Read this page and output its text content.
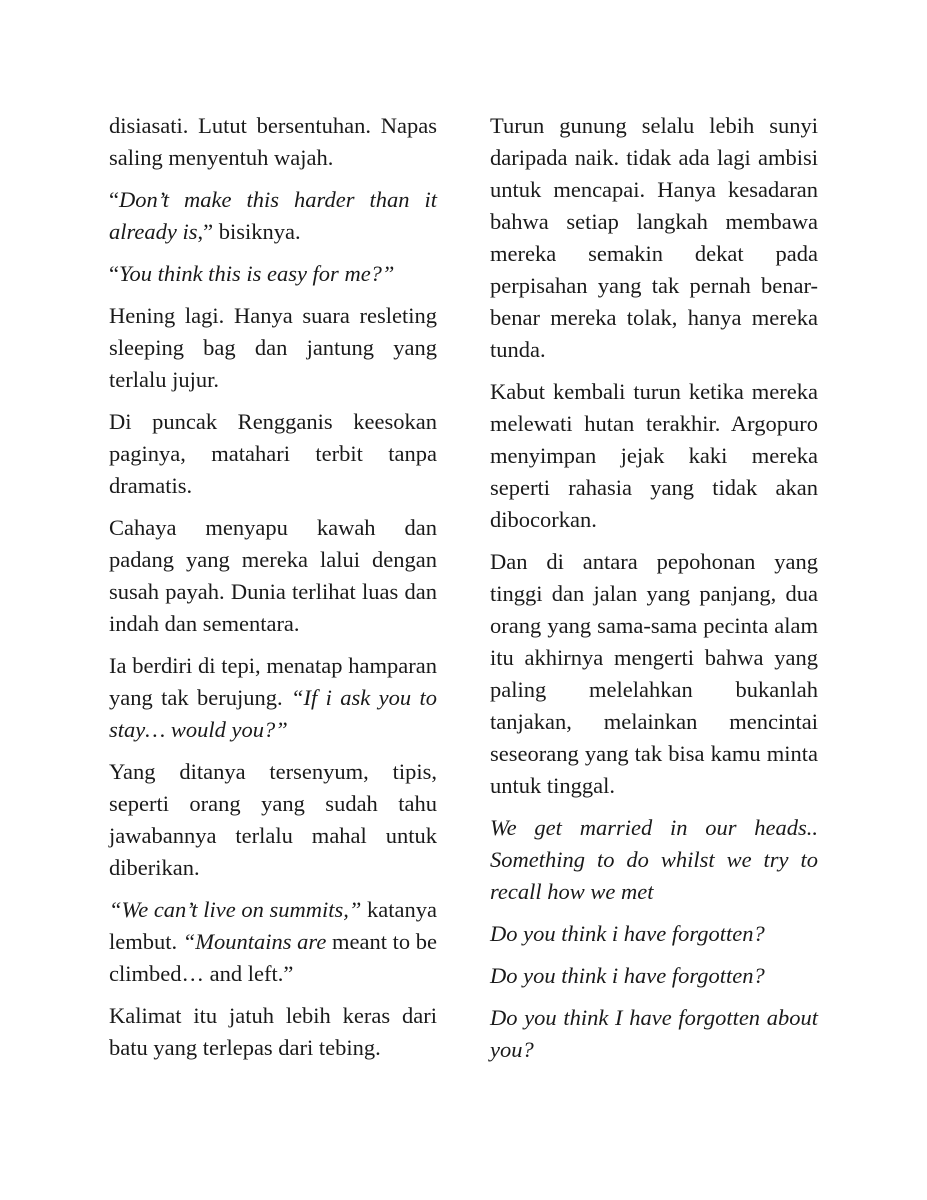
disiasati. Lutut bersentuhan. Napas saling menyentuh wajah.

“Don’t make this harder than it already is,” bisiknya.

“You think this is easy for me?”

Hening lagi. Hanya suara resleting sleeping bag dan jantung yang terlalu jujur.

Di puncak Rengganis keesokan paginya, matahari terbit tanpa dramatis.

Cahaya menyapu kawah dan padang yang mereka lalui dengan susah payah. Dunia terlihat luas dan indah dan sementara.

Ia berdiri di tepi, menatap hamparan yang tak berujung. “If i ask you to stay… would you?”

Yang ditanya tersenyum, tipis, seperti orang yang sudah tahu jawabannya terlalu mahal untuk diberikan.

“We can’t live on summits,” katanya lembut. “Mountains are meant to be climbed… and left.”

Kalimat itu jatuh lebih keras dari batu yang terlepas dari tebing.

Turun gunung selalu lebih sunyi daripada naik. tidak ada lagi ambisi untuk mencapai. Hanya kesadaran bahwa setiap langkah membawa mereka semakin dekat pada perpisahan yang tak pernah benar-benar mereka tolak, hanya mereka tunda.

Kabut kembali turun ketika mereka melewati hutan terakhir. Argopuro menyimpan jejak kaki mereka seperti rahasia yang tidak akan dibocorkan.

Dan di antara pepohonan yang tinggi dan jalan yang panjang, dua orang yang sama-sama pecinta alam itu akhirnya mengerti bahwa yang paling melelahkan bukanlah tanjakan, melainkan mencintai seseorang yang tak bisa kamu minta untuk tinggal.

We get married in our heads.. Something to do whilst we try to recall how we met

Do you think i have forgotten?

Do you think i have forgotten?

Do you think I have forgotten about you?
